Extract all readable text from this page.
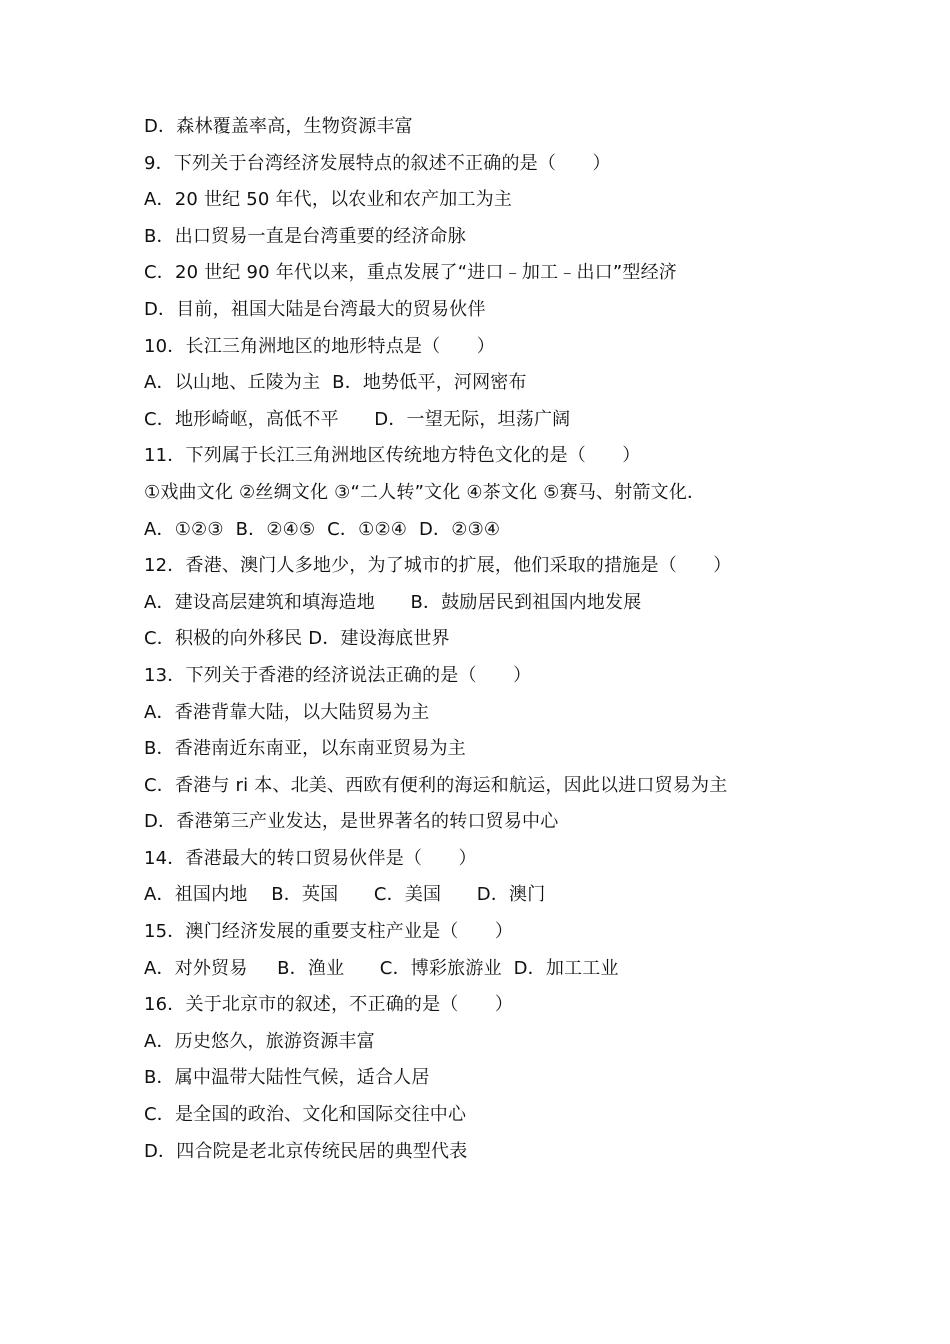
D．森林覆盖率高，生物资源丰富
9．下列关于台湾经济发展特点的叙述不正确的是（　　）
A．20 世纪 50 年代，以农业和农产加工为主
B．出口贸易一直是台湾重要的经济命脉
C．20 世纪 90 年代以来，重点发展了“进口﹣加工﹣出口”型经济
D．目前，祖国大陆是台湾最大的贸易伙伴
10．长江三角洲地区的地形特点是（　　）
A．以山地、丘陵为主  B．地势低平，河网密布
C．地形崎岖，高低不平      D．一望无际，坦荡广阔
11．下列属于长江三角洲地区传统地方特色文化的是（　　）
①戏曲文化 ②丝绸文化 ③“二人转”文化 ④茶文化 ⑤赛马、射箭文化．
A．①②③  B．②④⑤  C．①②④  D．②③④
12．香港、澳门人多地少，为了城市的扩展，他们采取的措施是（　　）
A．建设高层建筑和填海造地      B．鼓励居民到祖国内地发展
C．积极的向外移民 D．建设海底世界
13．下列关于香港的经济说法正确的是（　　）
A．香港背靠大陆，以大陆贸易为主
B．香港南近东南亚，以东南亚贸易为主
C．香港与 ri 本、北美、西欧有便利的海运和航运，因此以进口贸易为主
D．香港第三产业发达，是世界著名的转口贸易中心
14．香港最大的转口贸易伙伴是（　　）
A．祖国内地    B．英国      C．美国      D．澳门
15．澳门经济发展的重要支柱产业是（　　）
A．对外贸易     B．渔业      C．博彩旅游业  D．加工工业
16．关于北京市的叙述，不正确的是（　　）
A．历史悠久，旅游资源丰富
B．属中温带大陆性气候，适合人居
C．是全国的政治、文化和国际交往中心
D．四合院是老北京传统民居的典型代表
